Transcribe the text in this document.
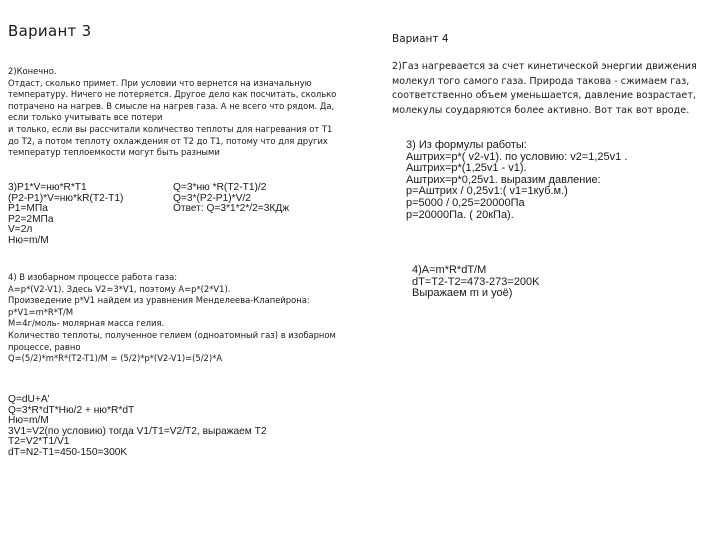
Вариант 3
2)Конечно.
Отдаст, сколько примет. При условии что вернется на изначальную
температуру. Ничего не потеряется. Другое дело как посчитать, сколько
потрачено на нагрев. В смысле на нагрев газа. А не всего что рядом. Да,
если только учитывать все потери
и только, если вы рассчитали количество теплоты для нагревания от T1
до T2, а потом теплоту охлаждения от T2 до T1, потому что для других
температур теплоемкости могут быть разными
3)P1*V=ню*R*T1
(P2-P1)*V=ню*kR(T2-T1)
P1=МПа
P2=2МПа
V=2л
Ню=m/M
Q=3*ню *R(T2-T1)/2
Q=3*(P2-P1)*V/2
Ответ: Q=3*1*2*/2=3КДж
4) В изобарном процессе работа газа:
A=p*(V2-V1). Здесь V2=3*V1, поэтому A=p*(2*V1).
Произведение p*V1 найдем из уравнения Менделеева-Клапейрона:
p*V1=m*R*T/M
M=4г/моль- молярная масса гелия.
Количество теплоты, полученное гелием (одноатомный газ) в изобарном
процессе, равно
Q=(5/2)*m*R*(T2-T1)/M = (5/2)*p*(V2-V1)=(5/2)*A
Q=dU+A'
Q=3*R*dT*Ню/2 + ню*R*dT
Ню=m/M
3V1=V2(по условию) тогда V1/T1=V2/T2, выражаем T2
T2=V2*T1/V1
dT=N2-T1=450-150=300K
Вариант 4
2)Газ нагревается за счет кинетической энергии движения
молекул того самого газа. Природа такова - сжимаем газ,
соответственно объем уменьшается, давление возрастает,
молекулы соударяются более активно. Вот так вот вроде.
3) Из формулы работы:
Aштрих=p*( v2-v1). по условию: v2=1,25v1 .
Aштрих=p*(1,25v1 - v1).
Aштрих=p*0,25v1. выразим давление:
p=Aштрих / 0,25v1:( v1=1куб.м.)
p=5000 / 0,25=20000Па
p=20000Па. ( 20кПа).
4)A=m*R*dT/M
dT=T2-T2=473-273=200K
Выражаем m и уоё)
